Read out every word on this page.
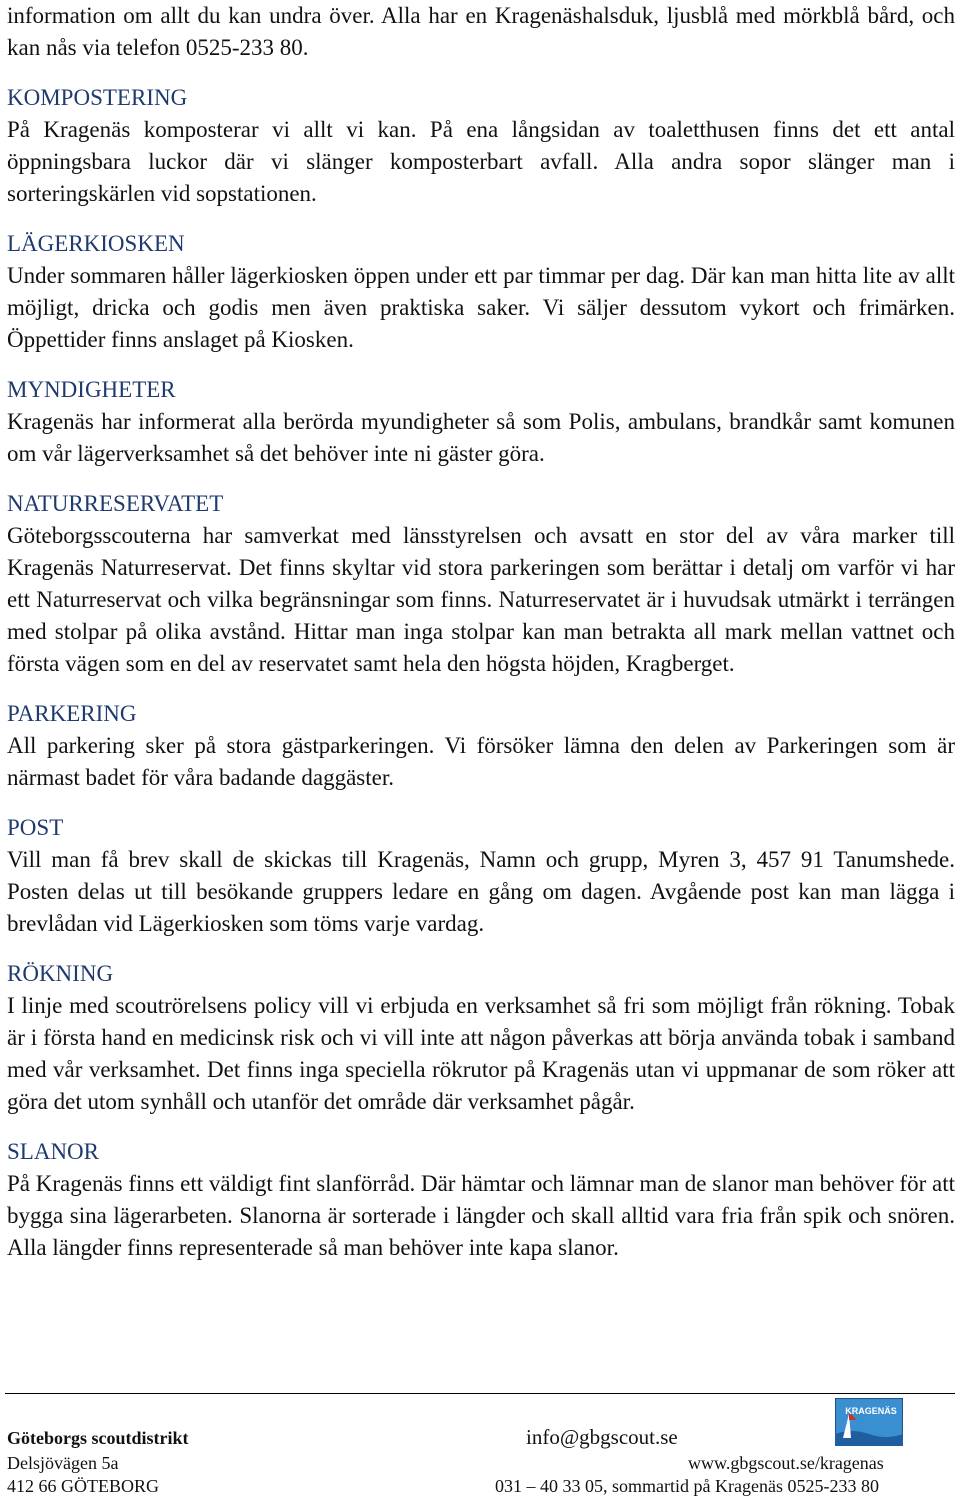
information om allt du kan undra över. Alla har en Kragenäshalsduk, ljusblå med mörkblå bård, och kan nås via telefon 0525-233 80.

KOMPOSTERING

På Kragenäs komposterar vi allt vi kan. På ena långsidan av toaletthusen finns det ett antal öppningsbara luckor där vi slänger komposterbart avfall. Alla andra sopor slänger man i sorteringskärlen vid sopstationen.

LÄGERKIOSKEN

Under sommaren håller lägerkiosken öppen under ett par timmar per dag. Där kan man hitta lite av allt möjligt, dricka och godis men även praktiska saker. Vi säljer dessutom vykort och frimärken. Öppettider finns anslaget på Kiosken.

MYNDIGHETER

Kragenäs har informerat alla berörda myundigheter så som Polis, ambulans, brandkår samt komunen om vår lägerverksamhet så det behöver inte ni gäster göra.

NATURRESERVATET

Göteborgsscouterna har samverkat med länsstyrelsen och avsatt en stor del av våra marker till Kragenäs Naturreservat. Det finns skyltar vid stora parkeringen som berättar i detalj om varför vi har ett Naturreservat och vilka begränsningar som finns. Naturreservatet är i huvudsak utmärkt i terrängen med stolpar på olika avstånd. Hittar man inga stolpar kan man betrakta all mark mellan vattnet och första vägen som en del av reservatet samt hela den högsta höjden, Kragberget.

PARKERING

All parkering sker på stora gästparkeringen. Vi försöker lämna den delen av Parkeringen som är närmast badet för våra badande daggäster.

POST

Vill man få brev skall de skickas till Kragenäs, Namn och grupp, Myren 3, 457 91 Tanumshede. Posten delas ut till besökande gruppers ledare en gång om dagen. Avgående post kan man lägga i brevlådan vid Lägerkiosken som töms varje vardag.

RÖKNING

I linje med scoutrörelsens policy vill vi erbjuda en verksamhet så fri som möjligt från rökning. Tobak är i första hand en medicinsk risk och vi vill inte att någon påverkas att börja använda tobak i samband med vår verksamhet. Det finns inga speciella rökrutor på Kragenäs utan vi uppmanar de som röker att göra det utom synhåll och utanför det område där verksamhet pågår.

SLANOR

På Kragenäs finns ett väldigt fint slanförråd. Där hämtar och lämnar man de slanor man behöver för att bygga sina lägerarbeten. Slanorna är sorterade i längder och skall alltid vara fria från spik och snören. Alla längder finns representerade så man behöver inte kapa slanor.

Göteborgs scoutdistrikt
Delsjövägen 5a
412 66 GÖTEBORG
info@gbgscout.se
www.gbgscout.se/kragenas
031 – 40 33 05, sommartid på Kragenäs 0525-233 80
KRAGENÄS
